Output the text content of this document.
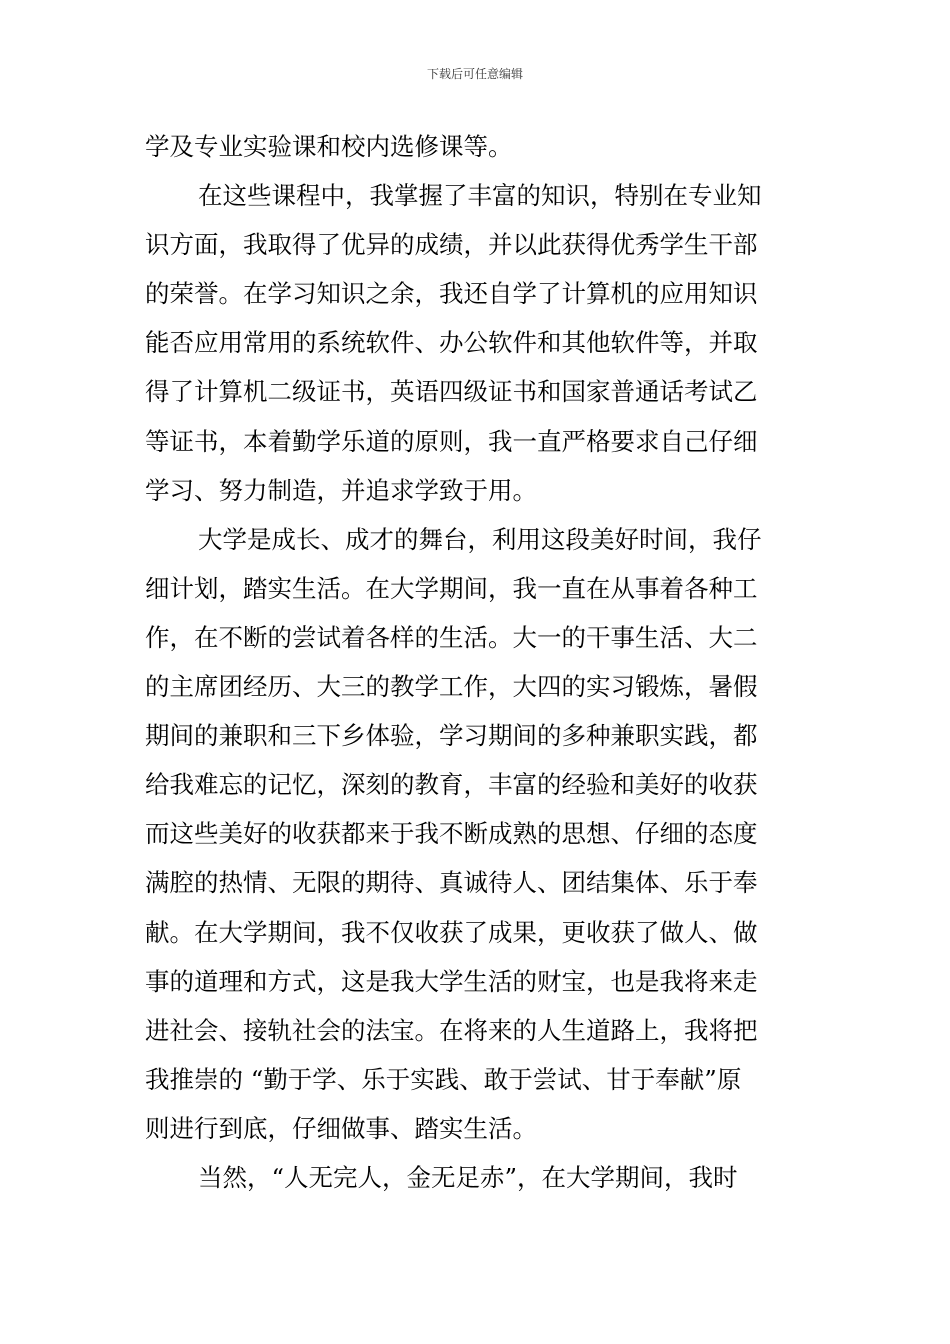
下载后可任意编辑
学及专业实验课和校内选修课等。
在这些课程中，我掌握了丰富的知识，特别在专业知
识方面，我取得了优异的成绩，并以此获得优秀学生干部
的荣誉。在学习知识之余，我还自学了计算机的应用知识
能否应用常用的系统软件、办公软件和其他软件等，并取
得了计算机二级证书，英语四级证书和国家普通话考试乙
等证书，本着勤学乐道的原则，我一直严格要求自己仔细
学习、努力制造，并追求学致于用。
大学是成长、成才的舞台，利用这段美好时间，我仔
细计划，踏实生活。在大学期间，我一直在从事着各种工
作，在不断的尝试着各样的生活。大一的干事生活、大二
的主席团经历、大三的教学工作，大四的实习锻炼，暑假
期间的兼职和三下乡体验，学习期间的多种兼职实践，都
给我难忘的记忆，深刻的教育，丰富的经验和美好的收获
而这些美好的收获都来于我不断成熟的思想、仔细的态度
满腔的热情、无限的期待、真诚待人、团结集体、乐于奉
献。在大学期间，我不仅收获了成果，更收获了做人、做
事的道理和方式，这是我大学生活的财宝，也是我将来走
进社会、接轨社会的法宝。在将来的人生道路上，我将把
我推崇的 “勤于学、乐于实践、敢于尝试、甘于奉献”原
则进行到底，仔细做事、踏实生活。
当然，“人无完人，金无足赤”，在大学期间，我时
